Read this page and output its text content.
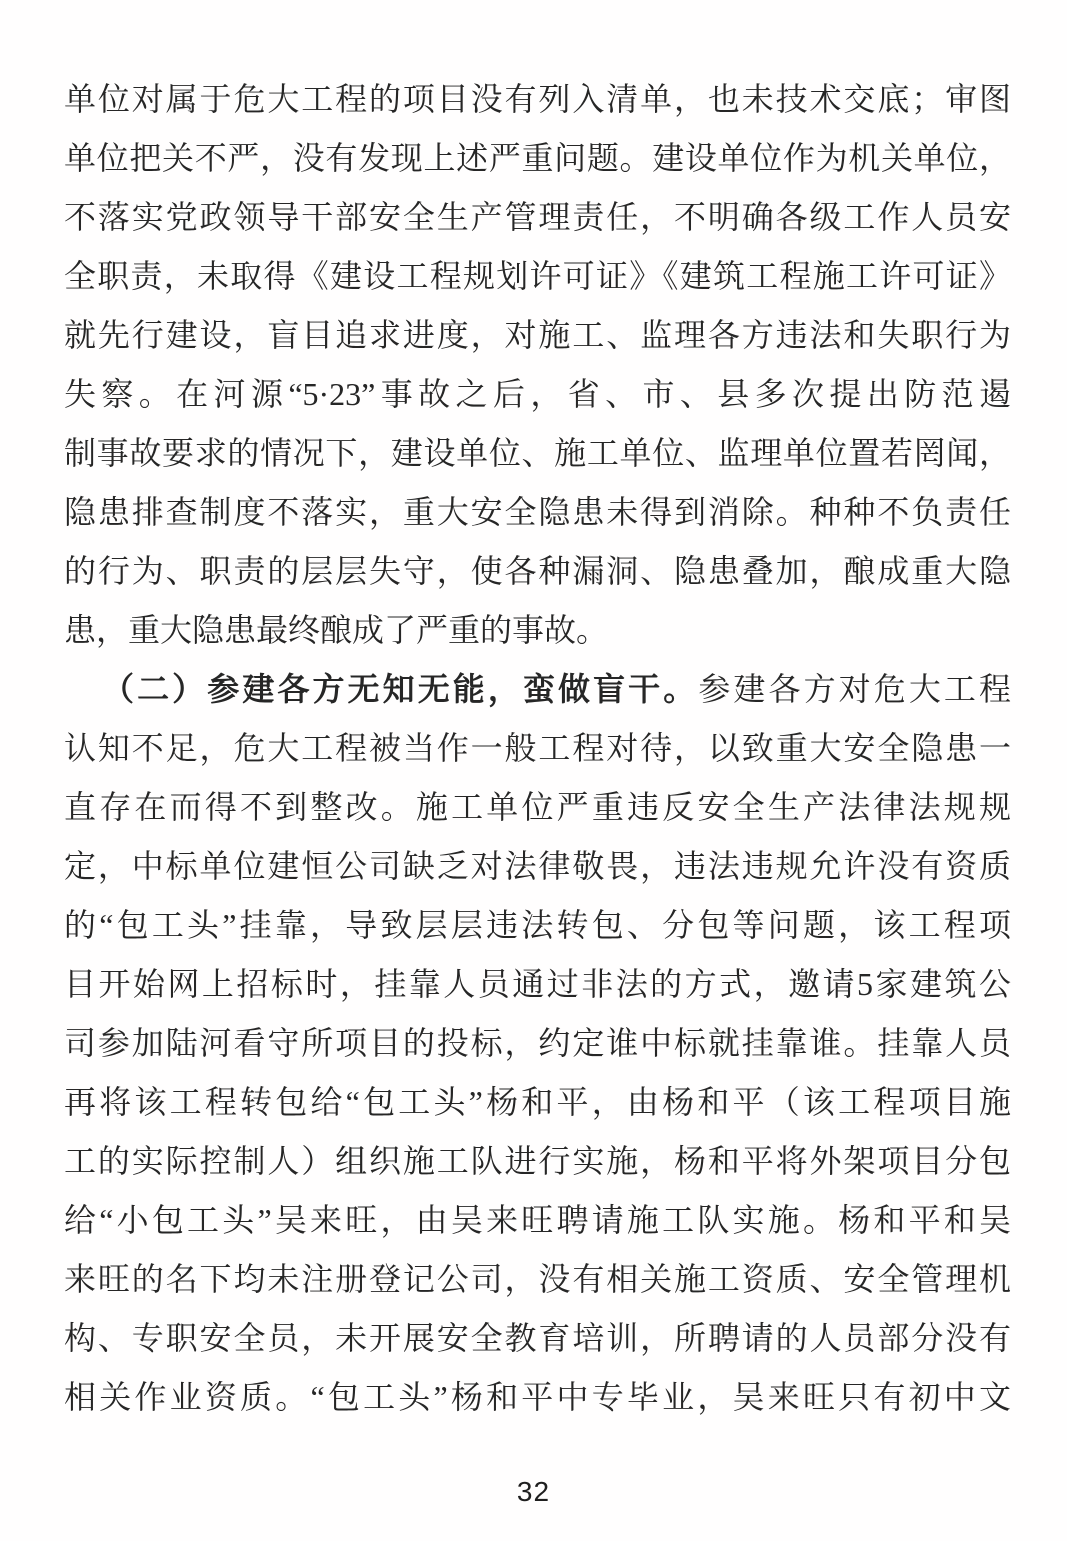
单位对属于危大工程的项目没有列入清单，也未技术交底；审图
单位把关不严，没有发现上述严重问题。建设单位作为机关单位，
不落实党政领导干部安全生产管理责任，不明确各级工作人员安
全职责，未取得《建设工程规划许可证》《建筑工程施工许可证》
就先行建设，盲目追求进度，对施工、监理各方违法和失职行为
失察。在河源“5·23”事故之后，省、市、县多次提出防范遏
制事故要求的情况下，建设单位、施工单位、监理单位置若罔闻，
隐患排查制度不落实，重大安全隐患未得到消除。种种不负责任
的行为、职责的层层失守，使各种漏洞、隐患叠加，酿成重大隐
患，重大隐患最终酿成了严重的事故。
（二）参建各方无知无能，蛮做盲干。参建各方对危大工程
认知不足，危大工程被当作一般工程对待，以致重大安全隐患一
直存在而得不到整改。施工单位严重违反安全生产法律法规规
定，中标单位建恒公司缺乏对法律敬畏，违法违规允许没有资质
的“包工头”挂靠，导致层层违法转包、分包等问题，该工程项
目开始网上招标时，挂靠人员通过非法的方式，邀请5家建筑公
司参加陆河看守所项目的投标，约定谁中标就挂靠谁。挂靠人员
再将该工程转包给“包工头”杨和平，由杨和平（该工程项目施
工的实际控制人）组织施工队进行实施，杨和平将外架项目分包
给“小包工头”吴来旺，由吴来旺聘请施工队实施。杨和平和吴
来旺的名下均未注册登记公司，没有相关施工资质、安全管理机
构、专职安全员，未开展安全教育培训，所聘请的人员部分没有
相关作业资质。“包工头”杨和平中专毕业，吴来旺只有初中文
32
